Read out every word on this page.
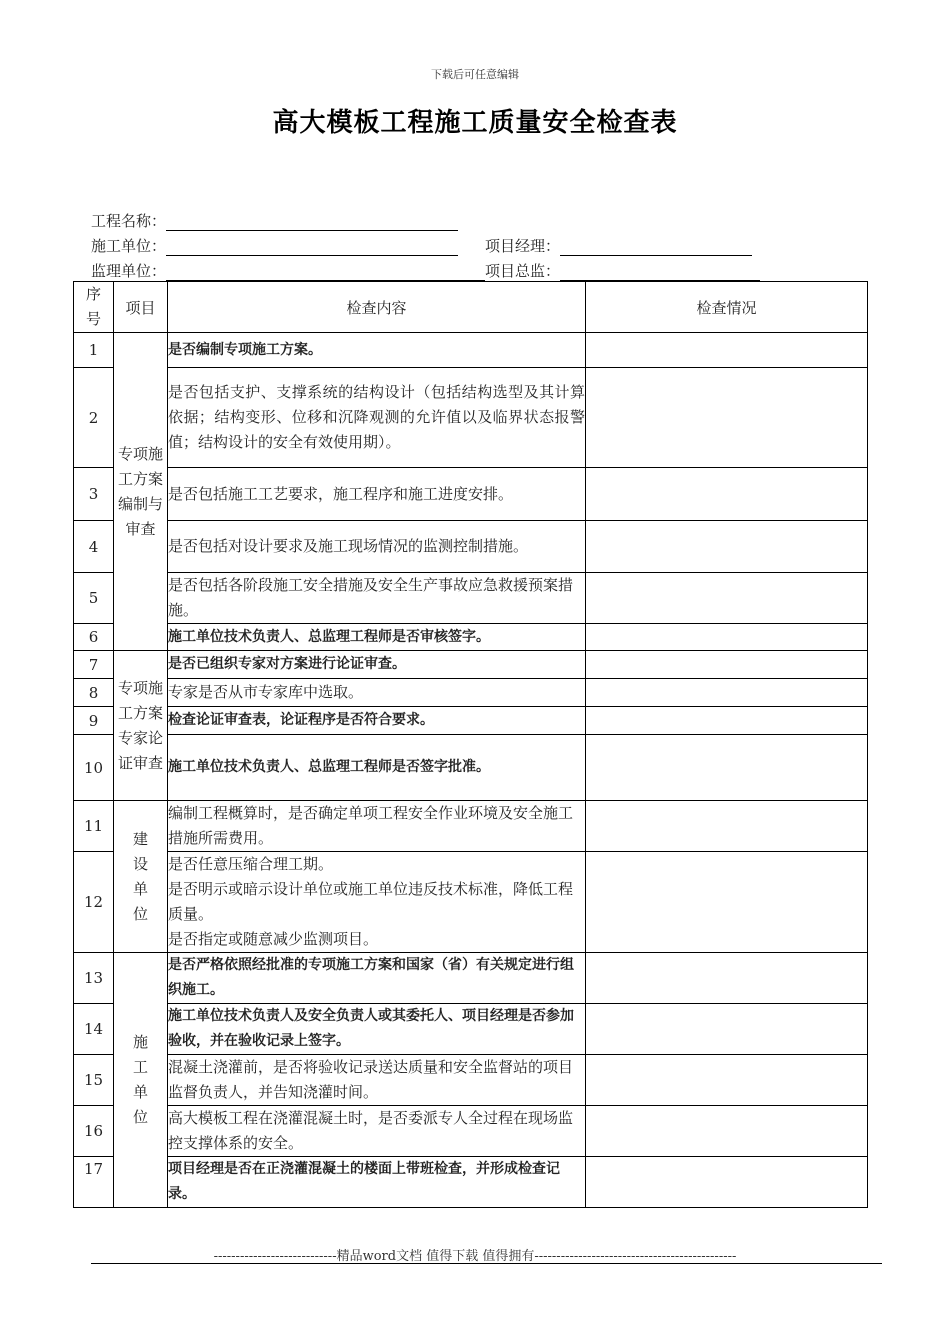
下载后可任意编辑
高大模板工程施工质量安全检查表
工程名称：
施工单位：	项目经理：
监理单位：	项目总监：
序号	项目	检查内容	检查情况
1	专项施工方案编制与审查	是否编制专项施工方案。	
2		是否包括支护、支撑系统的结构设计（包括结构选型及其计算依据；结构变形、位移和沉降观测的允许值以及临界状态报警值；结构设计的安全有效使用期）。	
3		是否包括施工工艺要求，施工程序和施工进度安排。	
4		是否包括对设计要求及施工现场情况的监测控制措施。	
5		是否包括各阶段施工安全措施及安全生产事故应急救援预案措施。	
6		施工单位技术负责人、总监理工程师是否审核签字。	
7	专项施工方案专家论证审查	是否已组织专家对方案进行论证审查。	
8		专家是否从市专家库中选取。	
9		检查论证审查表，论证程序是否符合要求。	
10		施工单位技术负责人、总监理工程师是否签字批准。	
11	建设单位	编制工程概算时，是否确定单项工程安全作业环境及安全施工措施所需费用。	
12		是否任意压缩合理工期。
是否明示或暗示设计单位或施工单位违反技术标准，降低工程质量。
是否指定或随意减少监测项目。	

13	施工单位	是否严格依照经批准的专项施工方案和国家（省）有关规定进行组织施工。	
14		施工单位技术负责人及安全负责人或其委托人、项目经理是否参加验收，并在验收记录上签字。	
15		混凝土浇灌前，是否将验收记录送达质量和安全监督站的项目监督负责人，并告知浇灌时间。	
16		高大模板工程在浇灌混凝土时，是否委派专人全过程在现场监控支撑体系的安全。	
17		项目经理是否在正浇灌混凝土的楼面上带班检查，并形成检查记录。	
----------------------------精品word文档 值得下载 值得拥有----------------------------------------------
